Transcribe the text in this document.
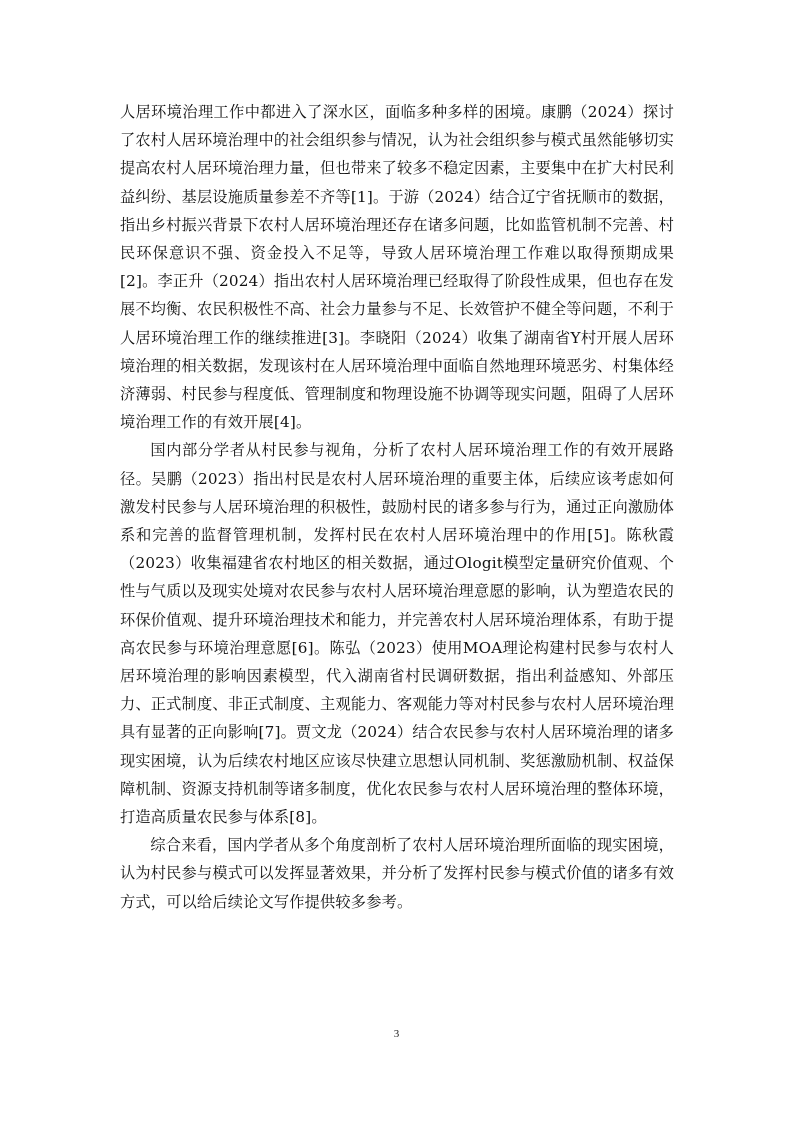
人居环境治理工作中都进入了深水区，面临多种多样的困境。康鹏（2024）探讨了农村人居环境治理中的社会组织参与情况，认为社会组织参与模式虽然能够切实提高农村人居环境治理力量，但也带来了较多不稳定因素，主要集中在扩大村民利益纠纷、基层设施质量参差不齐等[1]。于游（2024）结合辽宁省抚顺市的数据，指出乡村振兴背景下农村人居环境治理还存在诸多问题，比如监管机制不完善、村民环保意识不强、资金投入不足等，导致人居环境治理工作难以取得预期成果[2]。李正升（2024）指出农村人居环境治理已经取得了阶段性成果，但也存在发展不均衡、农民积极性不高、社会力量参与不足、长效管护不健全等问题，不利于人居环境治理工作的继续推进[3]。李晓阳（2024）收集了湖南省Y村开展人居环境治理的相关数据，发现该村在人居环境治理中面临自然地理环境恶劣、村集体经济薄弱、村民参与程度低、管理制度和物理设施不协调等现实问题，阻碍了人居环境治理工作的有效开展[4]。

国内部分学者从村民参与视角，分析了农村人居环境治理工作的有效开展路径。吴鹏（2023）指出村民是农村人居环境治理的重要主体，后续应该考虑如何激发村民参与人居环境治理的积极性，鼓励村民的诸多参与行为，通过正向激励体系和完善的监督管理机制，发挥村民在农村人居环境治理中的作用[5]。陈秋霞（2023）收集福建省农村地区的相关数据，通过Ologit模型定量研究价值观、个性与气质以及现实处境对农民参与农村人居环境治理意愿的影响，认为塑造农民的环保价值观、提升环境治理技术和能力，并完善农村人居环境治理体系，有助于提高农民参与环境治理意愿[6]。陈弘（2023）使用MOA理论构建村民参与农村人居环境治理的影响因素模型，代入湖南省村民调研数据，指出利益感知、外部压力、正式制度、非正式制度、主观能力、客观能力等对村民参与农村人居环境治理具有显著的正向影响[7]。贾文龙（2024）结合农民参与农村人居环境治理的诸多现实困境，认为后续农村地区应该尽快建立思想认同机制、奖惩激励机制、权益保障机制、资源支持机制等诸多制度，优化农民参与农村人居环境治理的整体环境，打造高质量农民参与体系[8]。

综合来看，国内学者从多个角度剖析了农村人居环境治理所面临的现实困境，认为村民参与模式可以发挥显著效果，并分析了发挥村民参与模式价值的诸多有效方式，可以给后续论文写作提供较多参考。

3
